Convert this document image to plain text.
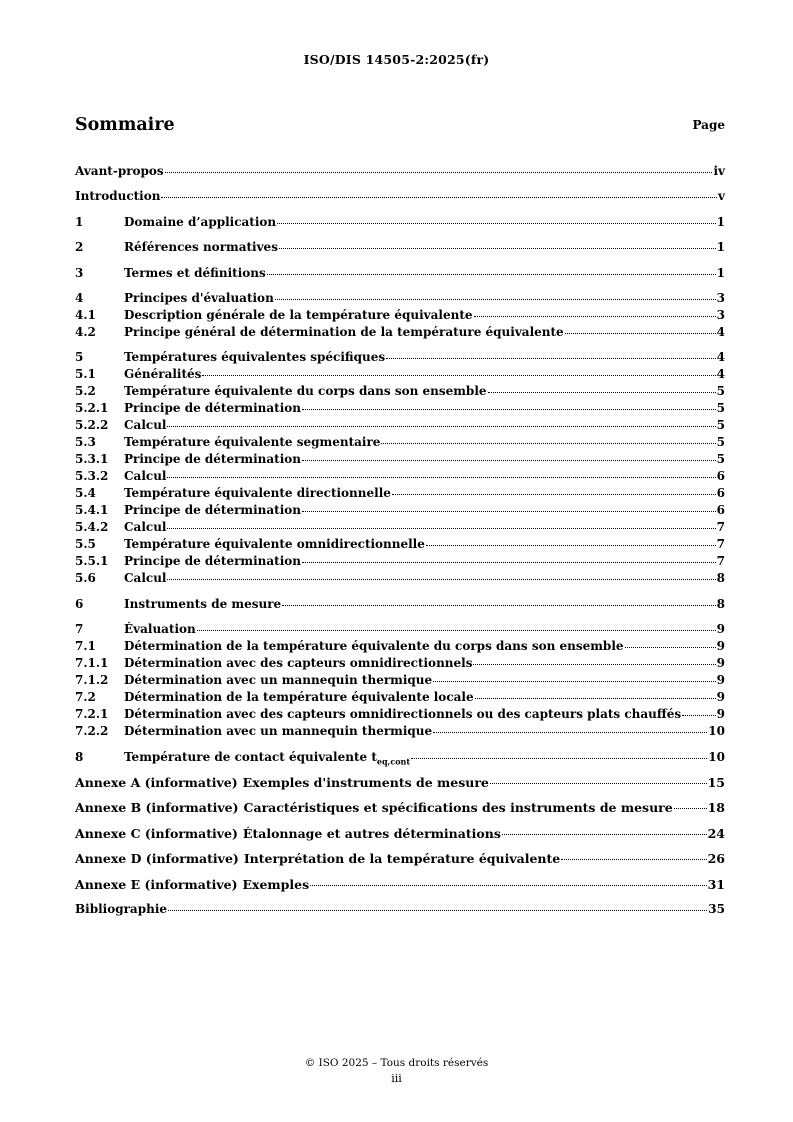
ISO/DIS 14505-2:2025(fr)
Sommaire	Page
Avant-propos	iv
Introduction	v
1	Domaine d’application	1
2	Références normatives	1
3	Termes et définitions	1
4	Principes d'évaluation	3
4.1	Description générale de la température équivalente	3
4.2	Principe général de détermination de la température équivalente	4
5	Températures équivalentes spécifiques	4
5.1	Généralités	4
5.2	Température équivalente du corps dans son ensemble	5
5.2.1	Principe de détermination	5
5.2.2	Calcul	5
5.3	Température équivalente segmentaire	5
5.3.1	Principe de détermination	5
5.3.2	Calcul	6
5.4	Température équivalente directionnelle	6
5.4.1	Principe de détermination	6
5.4.2	Calcul	7
5.5	Température équivalente omnidirectionnelle	7
5.5.1	Principe de détermination	7
5.6	Calcul	8
6	Instruments de mesure	8
7	Évaluation	9
7.1	Détermination de la température équivalente du corps dans son ensemble	9
7.1.1	Détermination avec des capteurs omnidirectionnels	9
7.1.2	Détermination avec un mannequin thermique	9
7.2	Détermination de la température équivalente locale	9
7.2.1	Détermination avec des capteurs omnidirectionnels ou des capteurs plats chauffés	9
7.2.2	Détermination avec un mannequin thermique	10
8	Température de contact équivalente $t_{eq,cont}$	10
Annexe A (informative) Exemples d'instruments de mesure	15
Annexe B (informative) Caractéristiques et spécifications des instruments de mesure	18
Annexe C (informative) Étalonnage et autres déterminations	24
Annexe D (informative) Interprétation de la température équivalente	26
Annexe E (informative) Exemples	31
Bibliographie	35
© ISO 2025 – Tous droits réservés
iii
